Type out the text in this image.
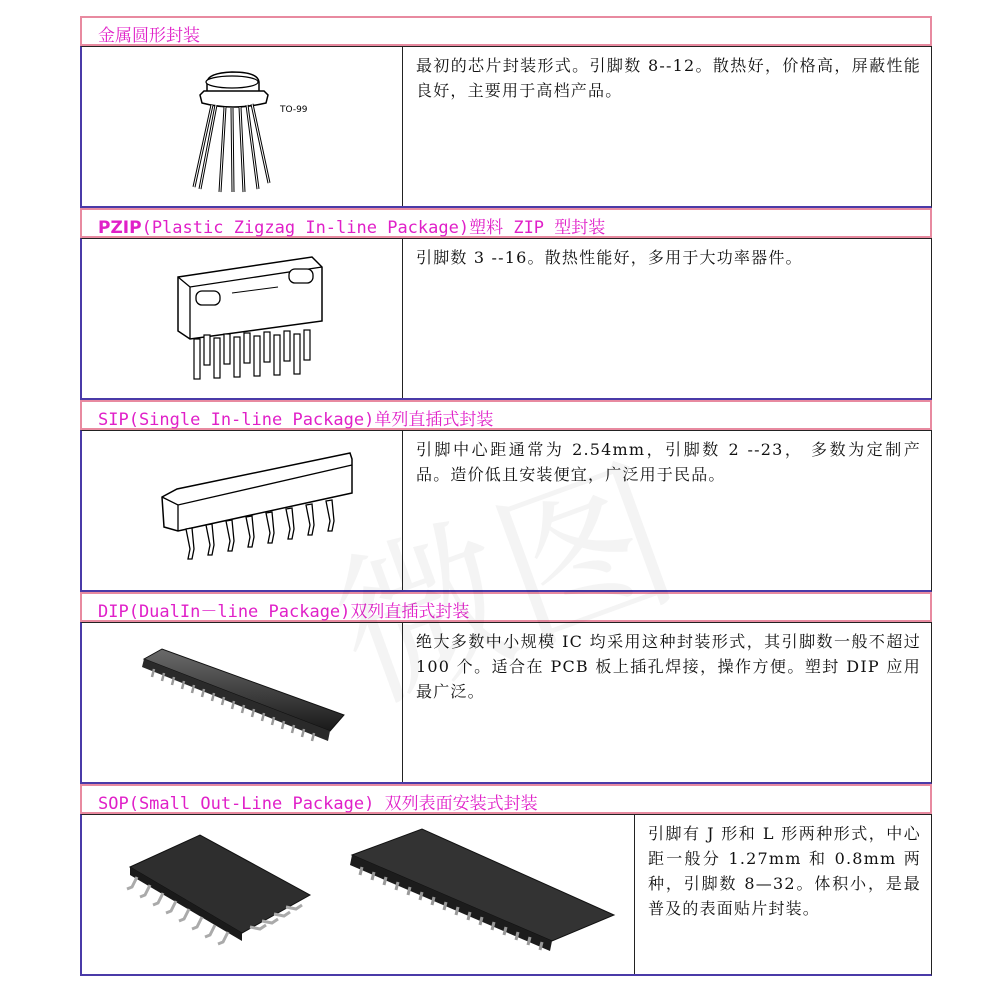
金属圆形封装
TO-99
最初的芯片封装形式。引脚数 8--12。散热好，价格高，屏蔽性能良好，主要用于高档产品。
PZIP(Plastic Zigzag In-line Package)塑料 ZIP 型封装
引脚数 3 --16。散热性能好，多用于大功率器件。
SIP(Single In-line Package)单列直插式封装
引脚中心距通常为 2.54mm，引脚数 2 --23， 多数为定制产品。造价低且安装便宜，广泛用于民品。
DIP(DualIn－line Package)双列直插式封装
绝大多数中小规模 IC 均采用这种封装形式，其引脚数一般不超过 100 个。适合在 PCB 板上插孔焊接，操作方便。塑封 DIP 应用最广泛。
SOP(Small Out-Line Package) 双列表面安装式封装
引脚有 J 形和 L 形两种形式，中心距一般分 1.27mm 和 0.8mm 两种，引脚数 8—32。体积小，是最普及的表面贴片封装。
